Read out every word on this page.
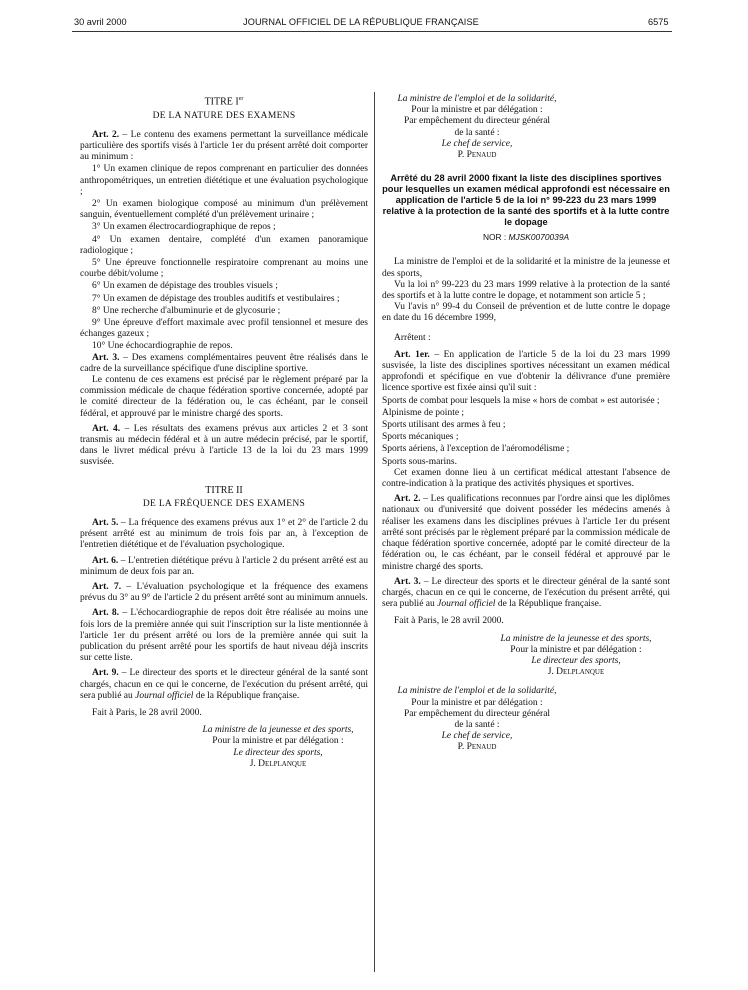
30 avril 2000	JOURNAL OFFICIEL DE LA RÉPUBLIQUE FRANÇAISE	6575
TITRE Ier
DE LA NATURE DES EXAMENS

Art. 2. – Le contenu des examens permettant la surveillance médicale particulière des sportifs visés à l'article 1er du présent arrêté doit comporter au minimum :

1° Un examen clinique de repos comprenant en particulier des données anthropométriques, un entretien diététique et une évaluation psychologique ;

2° Un examen biologique composé au minimum d'un prélèvement sanguin, éventuellement complété d'un prélèvement urinaire ;

3° Un examen électrocardiographique de repos ;

4° Un examen dentaire, complété d'un examen panoramique radiologique ;

5° Une épreuve fonctionnelle respiratoire comprenant au moins une courbe débit/volume ;

6° Un examen de dépistage des troubles visuels ;

7° Un examen de dépistage des troubles auditifs et vestibulaires ;

8° Une recherche d'albuminurie et de glycosurie ;

9° Une épreuve d'effort maximale avec profil tensionnel et mesure des échanges gazeux ;

10° Une échocardiographie de repos.

Art. 3. – Des examens complémentaires peuvent être réalisés dans le cadre de la surveillance spécifique d'une discipline sportive.

Le contenu de ces examens est précisé par le règlement préparé par la commission médicale de chaque fédération sportive concernée, adopté par le comité directeur de la fédération ou, le cas échéant, par le conseil fédéral, et approuvé par le ministre chargé des sports.

Art. 4. – Les résultats des examens prévus aux articles 2 et 3 sont transmis au médecin fédéral et à un autre médecin précisé, par le sportif, dans le livret médical prévu à l'article 13 de la loi du 23 mars 1999 susvisée.

TITRE II
DE LA FRÉQUENCE DES EXAMENS

Art. 5. – La fréquence des examens prévus aux 1° et 2° de l'article 2 du présent arrêté est au minimum de trois fois par an, à l'exception de l'entretien diététique et de l'évaluation psychologique.

Art. 6. – L'entretien diététique prévu à l'article 2 du présent arrêté est au minimum de deux fois par an.

Art. 7. – L'évaluation psychologique et la fréquence des examens prévus du 3° au 9° de l'article 2 du présent arrêté sont au minimum annuels.

Art. 8. – L'échocardiographie de repos doit être réalisée au moins une fois lors de la première année qui suit l'inscription sur la liste mentionnée à l'article 1er du présent arrêté ou lors de la première année qui suit la publication du présent arrêté pour les sportifs de haut niveau déjà inscrits sur cette liste.

Art. 9. – Le directeur des sports et le directeur général de la santé sont chargés, chacun en ce qui le concerne, de l'exécution du présent arrêté, qui sera publié au Journal officiel de la République française.

Fait à Paris, le 28 avril 2000.

La ministre de la jeunesse et des sports,
Pour la ministre et par délégation :
Le directeur des sports,
J. Delplanque
La ministre de l'emploi et de la solidarité,
Pour la ministre et par délégation :
Par empêchement du directeur général
de la santé :
Le chef de service,
P. Penaud
Arrêté du 28 avril 2000 fixant la liste des disciplines sportives pour lesquelles un examen médical approfondi est nécessaire en application de l'article 5 de la loi n° 99-223 du 23 mars 1999 relative à la protection de la santé des sportifs et à la lutte contre le dopage
NOR : MJSK0070039A

La ministre de l'emploi et de la solidarité et la ministre de la jeunesse et des sports,

Vu la loi n° 99-223 du 23 mars 1999 relative à la protection de la santé des sportifs et à la lutte contre le dopage, et notamment son article 5 ;

Vu l'avis n° 99-4 du Conseil de prévention et de lutte contre le dopage en date du 16 décembre 1999,

Arrêtent :

Art. 1er. – En application de l'article 5 de la loi du 23 mars 1999 susvisée, la liste des disciplines sportives nécessitant un examen médical approfondi et spécifique en vue d'obtenir la délivrance d'une première licence sportive est fixée ainsi qu'il suit :

Sports de combat pour lesquels la mise « hors de combat » est autorisée ;

Alpinisme de pointe ;

Sports utilisant des armes à feu ;

Sports mécaniques ;

Sports aériens, à l'exception de l'aéromodélisme ;

Sports sous-marins.

Cet examen donne lieu à un certificat médical attestant l'absence de contre-indication à la pratique des activités physiques et sportives.

Art. 2. – Les qualifications reconnues par l'ordre ainsi que les diplômes nationaux ou d'université que doivent posséder les médecins amenés à réaliser les examens dans les disciplines prévues à l'article 1er du présent arrêté sont précisés par le règlement préparé par la commission médicale de chaque fédération sportive concernée, adopté par le comité directeur de la fédération ou, le cas échéant, par le conseil fédéral et approuvé par le ministre chargé des sports.

Art. 3. – Le directeur des sports et le directeur général de la santé sont chargés, chacun en ce qui le concerne, de l'exécution du présent arrêté, qui sera publié au Journal officiel de la République française.

Fait à Paris, le 28 avril 2000.

La ministre de la jeunesse et des sports,
Pour la ministre et par délégation :
Le directeur des sports,
J. Delplanque
La ministre de l'emploi et de la solidarité,
Pour la ministre et par délégation :
Par empêchement du directeur général
de la santé :
Le chef de service,
P. Penaud
